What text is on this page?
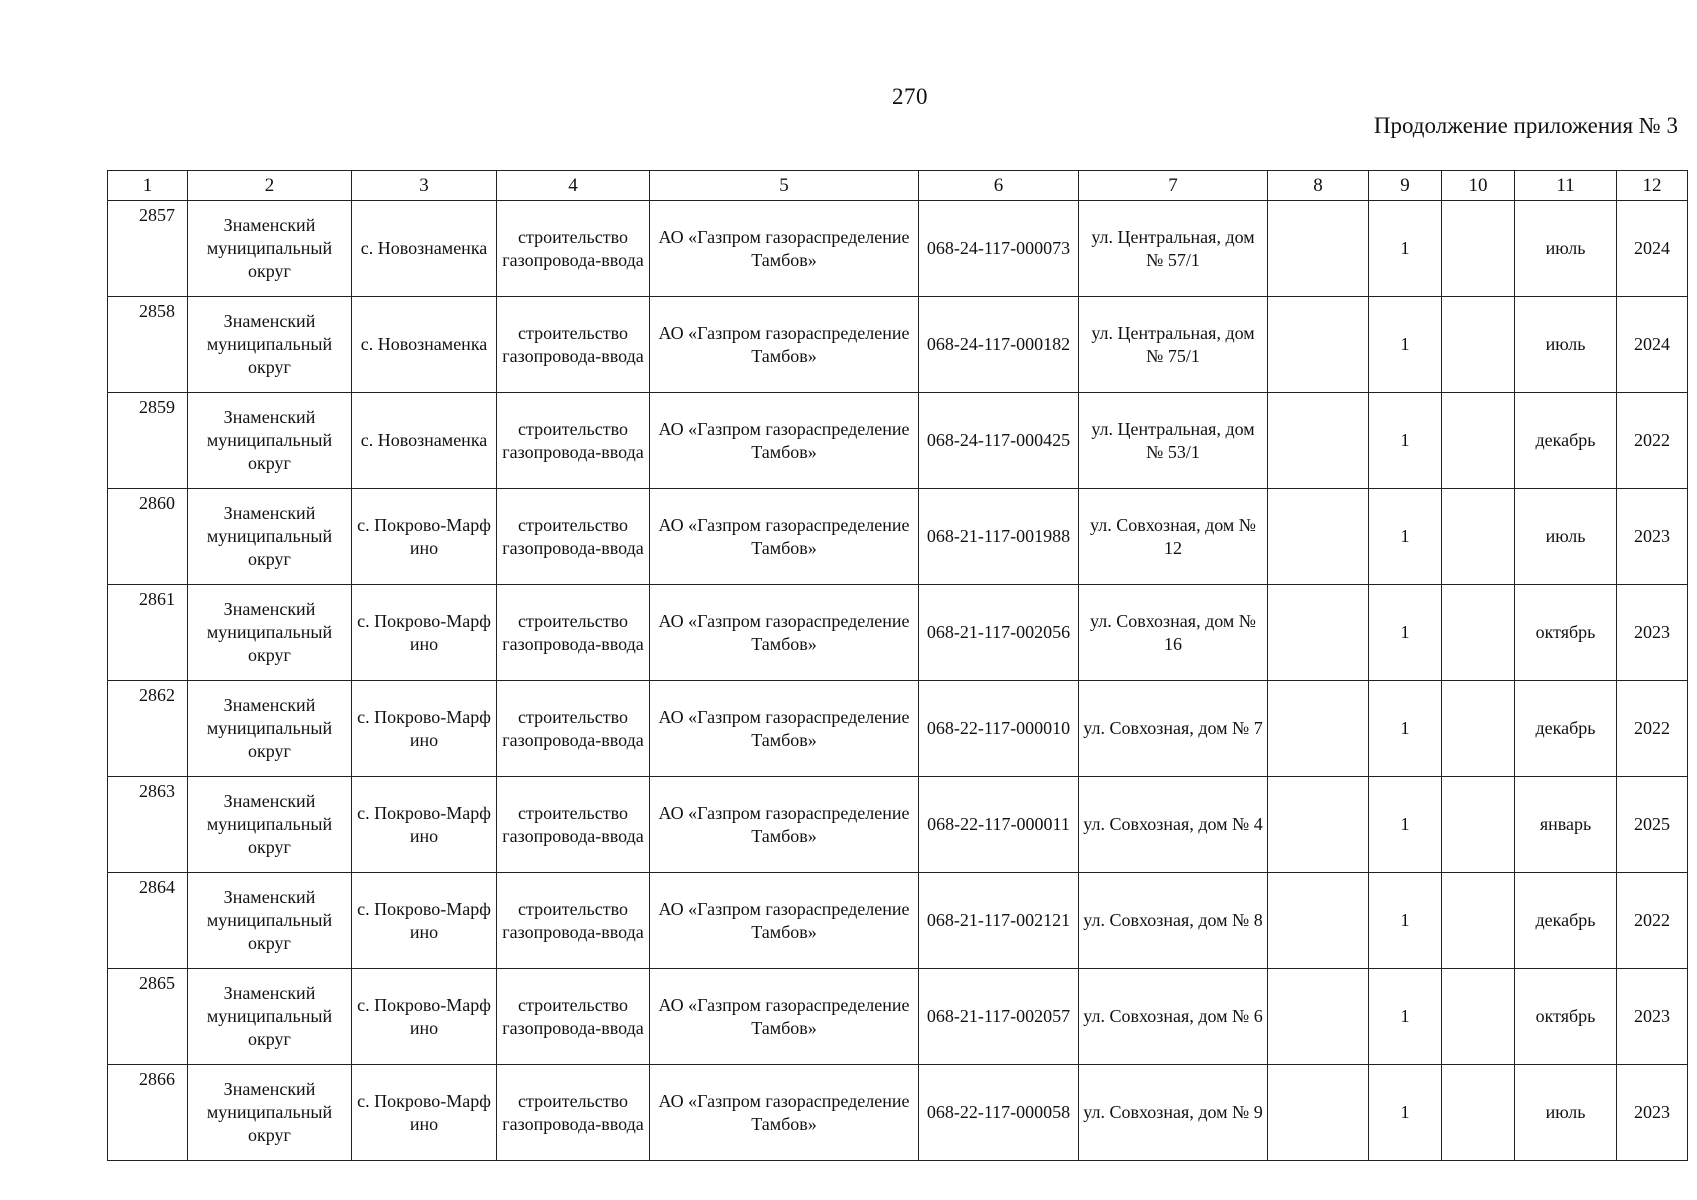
270
Продолжение приложения № 3
1	2	3	4	5	6	7	8	9	10	11	12
2857	Знаменский муниципальный округ	с. Новознаменка	строительство газопровода-ввода	АО «Газпром газораспределение Тамбов»	068-24-117-000073	ул. Центральная, дом № 57/1		1		июль	2024
2858	Знаменский муниципальный округ	с. Новознаменка	строительство газопровода-ввода	АО «Газпром газораспределение Тамбов»	068-24-117-000182	ул. Центральная, дом № 75/1		1		июль	2024
2859	Знаменский муниципальный округ	с. Новознаменка	строительство газопровода-ввода	АО «Газпром газораспределение Тамбов»	068-24-117-000425	ул. Центральная, дом № 53/1		1		декабрь	2022
2860	Знаменский муниципальный округ	с. Покрово-Марфино	строительство газопровода-ввода	АО «Газпром газораспределение Тамбов»	068-21-117-001988	ул. Совхозная, дом № 12		1		июль	2023
2861	Знаменский муниципальный округ	с. Покрово-Марфино	строительство газопровода-ввода	АО «Газпром газораспределение Тамбов»	068-21-117-002056	ул. Совхозная, дом № 16		1		октябрь	2023
2862	Знаменский муниципальный округ	с. Покрово-Марфино	строительство газопровода-ввода	АО «Газпром газораспределение Тамбов»	068-22-117-000010	ул. Совхозная, дом № 7		1		декабрь	2022
2863	Знаменский муниципальный округ	с. Покрово-Марфино	строительство газопровода-ввода	АО «Газпром газораспределение Тамбов»	068-22-117-000011	ул. Совхозная, дом № 4		1		январь	2025
2864	Знаменский муниципальный округ	с. Покрово-Марфино	строительство газопровода-ввода	АО «Газпром газораспределение Тамбов»	068-21-117-002121	ул. Совхозная, дом № 8		1		декабрь	2022
2865	Знаменский муниципальный округ	с. Покрово-Марфино	строительство газопровода-ввода	АО «Газпром газораспределение Тамбов»	068-21-117-002057	ул. Совхозная, дом № 6		1		октябрь	2023
2866	Знаменский муниципальный округ	с. Покрово-Марфино	строительство газопровода-ввода	АО «Газпром газораспределение Тамбов»	068-22-117-000058	ул. Совхозная, дом № 9		1		июль	2023
